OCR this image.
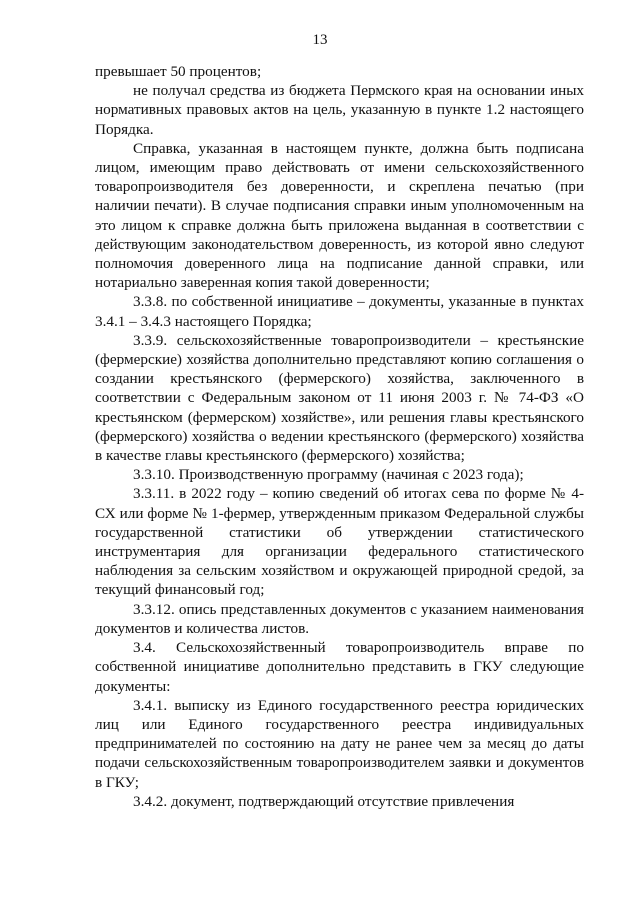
13

превышает 50 процентов;

не получал средства из бюджета Пермского края на основании иных нормативных правовых актов на цель, указанную в пункте 1.2 настоящего Порядка.

Справка, указанная в настоящем пункте, должна быть подписана лицом, имеющим право действовать от имени сельскохозяйственного товаропроизводителя без доверенности, и скреплена печатью (при наличии печати). В случае подписания справки иным уполномоченным на это лицом к справке должна быть приложена выданная в соответствии с действующим законодательством доверенность, из которой явно следуют полномочия доверенного лица на подписание данной справки, или нотариально заверенная копия такой доверенности;

3.3.8. по собственной инициативе – документы, указанные в пунктах 3.4.1 – 3.4.3 настоящего Порядка;

3.3.9. сельскохозяйственные товаропроизводители – крестьянские (фермерские) хозяйства дополнительно представляют копию соглашения о создании крестьянского (фермерского) хозяйства, заключенного в соответствии с Федеральным законом от 11 июня 2003 г. № 74-ФЗ «О крестьянском (фермерском) хозяйстве», или решения главы крестьянского (фермерского) хозяйства о ведении крестьянского (фермерского) хозяйства в качестве главы крестьянского (фермерского) хозяйства;

3.3.10. Производственную программу (начиная с 2023 года);

3.3.11. в 2022 году – копию сведений об итогах сева по форме № 4-СХ или форме № 1-фермер, утвержденным приказом Федеральной службы государственной статистики об утверждении статистического инструментария для организации федерального статистического наблюдения за сельским хозяйством и окружающей природной средой, за текущий финансовый год;

3.3.12. опись представленных документов с указанием наименования документов и количества листов.

3.4. Сельскохозяйственный товаропроизводитель вправе по собственной инициативе дополнительно представить в ГКУ следующие документы:

3.4.1. выписку из Единого государственного реестра юридических лиц или Единого государственного реестра индивидуальных предпринимателей по состоянию на дату не ранее чем за месяц до даты подачи сельскохозяйственным товаропроизводителем заявки и документов в ГКУ;

3.4.2. документ, подтверждающий отсутствие привлечения
